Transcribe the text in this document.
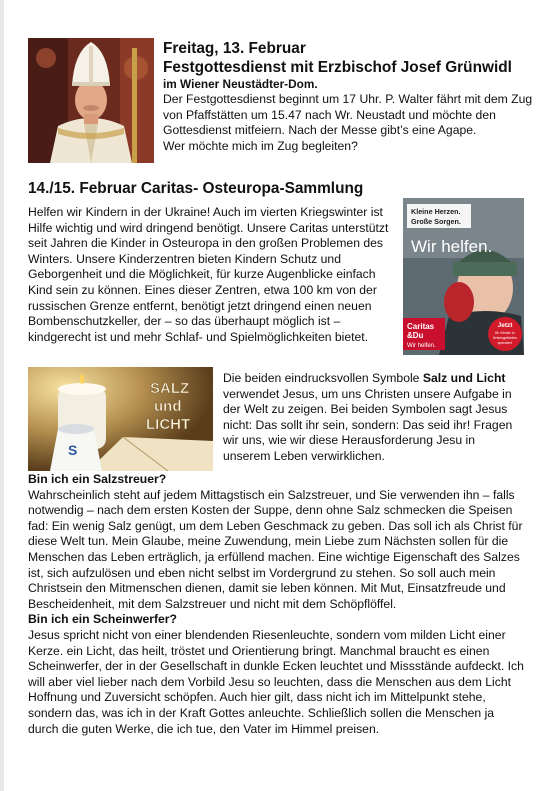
Freitag, 13. Februar

Festgottesdienst mit Erzbischof Josef Grünwidl

im Wiener Neustädter-Dom.

Der Festgottesdienst beginnt um 17 Uhr. P. Walter fährt mit dem Zug von Pfaffstätten um 15.47 nach Wr. Neustadt und möchte den Gottesdienst mitfeiern. Nach der Messe gibt’s eine Agape.

Wer möchte mich im Zug begleiten?

14./15. Februar Caritas- Osteuropa-Sammlung
Helfen wir Kindern in der Ukraine! Auch im vierten Kriegswinter ist Hilfe wichtig und wird dringend benötigt. Unsere Caritas unterstützt seit Jahren die Kinder in Osteuropa in den großen Problemen des Winters. Unsere Kinderzentren bieten Kindern Schutz und Geborgenheit und die Möglichkeit, für kurze Augenblicke einfach Kind sein zu können. Eines dieser Zentren, etwa 100 km von der russischen Grenze entfernt, benötigt jetzt dringend einen neuen Bombenschutzkeller, der – so das überhaupt möglich ist – kindgerecht ist und mehr Schlaf- und Spielmöglichkeiten bietet.
Kleine Herzen.
Große Sorgen.
Wir helfen.
Caritas
&Du
Wir helfen.
Jetzt
für Kinder in
Krisengebieten
spenden!
S
SALZ
und
LICHT
Die beiden eindrucksvollen Symbole Salz und Licht verwendet Jesus, um uns Christen unsere Aufgabe in der Welt zu zeigen. Bei beiden Symbolen sagt Jesus nicht: Das sollt ihr sein, sondern: Das seid ihr! Fragen wir uns, wie wir diese Herausforderung Jesu in unserem Leben verwirklichen.

Bin ich ein Salzstreuer?

Wahrscheinlich steht auf jedem Mittagstisch ein Salzstreuer, und Sie verwenden ihn – falls notwendig – nach dem ersten Kosten der Suppe, denn ohne Salz schmecken die Speisen fad: Ein wenig Salz genügt, um dem Leben Geschmack zu geben. Das soll ich als Christ für diese Welt tun. Mein Glaube, meine Zuwendung, mein Liebe zum Nächsten sollen für die Menschen das Leben erträglich, ja erfüllend machen. Eine wichtige Eigenschaft des Salzes ist, sich aufzulösen und eben nicht selbst im Vordergrund zu stehen. So soll auch mein Christsein den Mitmenschen dienen, damit sie leben können. Mit Mut, Einsatzfreude und Bescheidenheit, mit dem Salzstreuer und nicht mit dem Schöpflöffel.

Bin ich ein Scheinwerfer?

Jesus spricht nicht von einer blendenden Riesenleuchte, sondern vom milden Licht einer Kerze. ein Licht, das heilt, tröstet und Orientierung bringt. Manchmal braucht es einen Scheinwerfer, der in der Gesellschaft in dunkle Ecken leuchtet und Missstände aufdeckt. Ich will aber viel lieber nach dem Vorbild Jesu so leuchten, dass die Menschen aus dem Licht Hoffnung und Zuversicht schöpfen. Auch hier gilt, dass nicht ich im Mittelpunkt stehe, sondern das, was ich in der Kraft Gottes anleuchte. Schließlich sollen die Menschen ja durch die guten Werke, die ich tue, den Vater im Himmel preisen.
